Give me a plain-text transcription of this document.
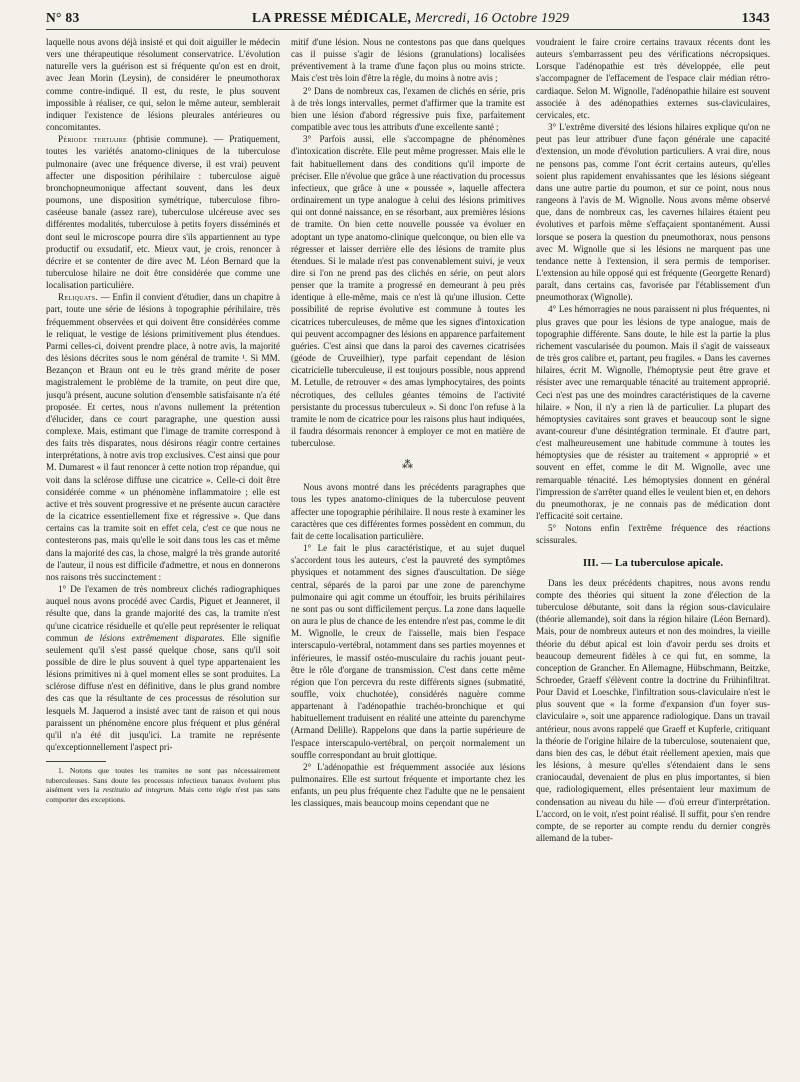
N° 83	LA PRESSE MÉDICALE, Mercredi, 16 Octobre 1929	1343

laquelle nous avons déjà insisté et qui doit aiguiller le médecin vers une thérapeutique résolument conservatrice. L'évolution naturelle vers la guérison est si fréquente qu'on est en droit, avec Jean Morin (Leysin), de considérer le pneumothorax comme contre-indiqué. Il est, du reste, le plus souvent impossible à réaliser, ce qui, selon le même auteur, semblerait indiquer l'existence de lésions pleurales antérieures ou concomitantes.

Période tertiaire (phtisie commune). — Pratiquement, toutes les variétés anatomo-cliniques de la tuberculose pulmonaire (avec une fréquence diverse, il est vrai) peuvent affecter une disposition périhilaire : tuberculose aiguë bronchopneumonique affectant souvent, dans les deux poumons, une disposition symétrique, tuberculose fibro-caséeuse banale (assez rare), tuberculose ulcéreuse avec ses différentes modalités, tuberculose à petits foyers disséminés et dont seul le microscope pourra dire s'ils appartiennent au type productif ou exsudatif, etc. Mieux vaut, je crois, renoncer à décrire et se contenter de dire avec M. Léon Bernard que la tuberculose hilaire ne doit être considérée que comme une localisation particulière.

Reliquats. — Enfin il convient d'étudier, dans un chapitre à part, toute une série de lésions à topographie périhilaire, très fréquemment observées et qui doivent être considérées comme le reliquat, le vestige de lésions primitivement plus étendues. Parmi celles-ci, doivent prendre place, à notre avis, la majorité des lésions décrites sous le nom général de tramite ¹. Si MM. Bezançon et Braun ont eu le très grand mérite de poser magistralement le problème de la tramite, on peut dire que, jusqu'à présent, aucune solution d'ensemble satisfaisante n'a été proposée. Et certes, nous n'avons nullement la prétention d'élucider, dans ce court paragraphe, une question aussi complexe. Mais, estimant que l'image de tramite correspond à des faits très disparates, nous désirons réagir contre certaines interprétations, à notre avis trop exclusives. C'est ainsi que pour M. Dumarest « il faut renoncer à cette notion trop répandue, qui voit dans la sclérose diffuse une cicatrice ». Celle-ci doit être considérée comme « un phénomène inflammatoire ; elle est active et très souvent progressive et ne présente aucun caractère de la cicatrice essentiellement fixe et régressive ». Que dans certains cas la tramite soit en effet cela, c'est ce que nous ne contesterons pas, mais qu'elle le soit dans tous les cas et même dans la majorité des cas, la chose, malgré la très grande autorité de l'auteur, il nous est difficile d'admettre, et nous en donnerons nos raisons très succinctement :

1° De l'examen de très nombreux clichés radiographiques auquel nous avons procédé avec Cardis, Piguet et Jeanneret, il résulte que, dans la grande majorité des cas, la tramite n'est qu'une cicatrice résiduelle et qu'elle peut représenter le reliquat commun de lésions extrêmement disparates. Elle signifie seulement qu'il s'est passé quelque chose, sans qu'il soit possible de dire le plus souvent à quel type appartenaient les lésions primitives ni à quel moment elles se sont produites. La sclérose diffuse n'est en définitive, dans le plus grand nombre des cas que la résultante de ces processus de résolution sur lesquels M. Jaquerod a insisté avec tant de raison et qui nous paraissent un phénomène encore plus fréquent et plus général qu'il n'a été dit jusqu'ici. La tramite ne représente qu'exceptionnellement l'aspect pri-

1. Notons que toutes les tramites ne sont pas nécessairement tuberculeuses. Sans doute les processus infectieux banaux évoluent plus aisément vers la restitutio ad integrum. Mais cette règle n'est pas sans comporter des exceptions.

mitif d'une lésion. Nous ne contestons pas que dans quelques cas il puisse s'agir de lésions (granulations) localisées préventivement à la trame d'une façon plus ou moins stricte. Mais c'est très loin d'être la règle, du moins à notre avis ;

2° Dans de nombreux cas, l'examen de clichés en série, pris à de très longs intervalles, permet d'affirmer que la tramite est bien une lésion d'abord régressive puis fixe, parfaitement compatible avec tous les attributs d'une excellente santé ;

3° Parfois aussi, elle s'accompagne de phénomènes d'intoxication discrète. Elle peut même progresser. Mais elle le fait habituellement dans des conditions qu'il importe de préciser. Elle n'évolue que grâce à une réactivation du processus infectieux, que grâce à une « poussée », laquelle affectera ordinairement un type analogue à celui des lésions primitives qui ont donné naissance, en se résorbant, aux premières lésions de tramite. On bien cette nouvelle poussée va évoluer en adoptant un type anatomo-clinique quelconque, ou bien elle va régresser et laisser derrière elle des lésions de tramite plus étendues. Si le malade n'est pas convenablement suivi, je veux dire si l'on ne prend pas des clichés en série, on peut alors penser que la tramite a progressé en demeurant à peu près identique à elle-même, mais ce n'est là qu'une illusion. Cette possibilité de reprise évolutive est commune à toutes les cicatrices tuberculeuses, de même que les signes d'intoxication qui peuvent accompagner des lésions en apparence parfaitement guéries. C'est ainsi que dans la paroi des cavernes cicatrisées (géode de Cruveilhier), type parfait cependant de lésion cicatricielle tuberculeuse, il est toujours possible, nous apprend M. Letulle, de retrouver « des amas lymphocytaires, des points nécrotiques, des cellules géantes témoins de l'activité persistante du processus tuberculeux ». Si donc l'on refuse à la tramite le nom de cicatrice pour les raisons plus haut indiquées, il faudra désormais renoncer à employer ce mot en matière de tuberculose.

⁂

Nous avons montré dans les précédents paragraphes que tous les types anatomo-cliniques de la tuberculose peuvent affecter une topographie périhilaire. Il nous reste à examiner les caractères que ces différentes formes possèdent en commun, du fait de cette localisation particulière.

1° Le fait le plus caractéristique, et au sujet duquel s'accordent tous les auteurs, c'est la pauvreté des symptômes physiques et notamment des signes d'auscultation. De siège central, séparés de la paroi par une zone de parenchyme pulmonaire qui agit comme un étouffoir, les bruits périhilaires ne sont pas ou sont difficilement perçus. La zone dans laquelle on aura le plus de chance de les entendre n'est pas, comme le dit M. Wignolle, le creux de l'aisselle, mais bien l'espace interscapulo-vertébral, notamment dans ses parties moyennes et inférieures, le massif ostéo-musculaire du rachis jouant peut-être le rôle d'organe de transmission. C'est dans cette même région que l'on percevra du reste différents signes (submatité, souffle, voix chuchotée), considérés naguère comme appartenant à l'adénopathie trachéo-bronchique et qui habituellement traduisent en réalité une atteinte du parenchyme (Armand Delille). Rappelons que dans la partie supérieure de l'espace interscapulo-vertébral, on perçoit normalement un souffle correspondant au bruit glottique.

2° L'adénopathie est fréquemment associée aux lésions pulmonaires. Elle est surtout fréquente et importante chez les enfants, un peu plus fréquente chez l'adulte que ne le pensaient les classiques, mais beaucoup moins cependant que ne

voudraient le faire croire certains travaux récents dont les auteurs s'embarrassent peu des vérifications nécropsiques. Lorsque l'adénopathie est très développée, elle peut s'accompagner de l'effacement de l'espace clair médian rétro-cardiaque. Selon M. Wignolle, l'adénopathie hilaire est souvent associée à des adénopathies externes sus-claviculaires, cervicales, etc.

3° L'extrême diversité des lésions hilaires explique qu'on ne peut pas leur attribuer d'une façon générale une capacité d'extension, un mode d'évolution particuliers. A vrai dire, nous ne pensons pas, comme l'ont écrit certains auteurs, qu'elles soient plus rapidement envahissantes que les lésions siégeant dans une autre partie du poumon, et sur ce point, nous nous rangeons à l'avis de M. Wignolle. Nous avons même observé que, dans de nombreux cas, les cavernes hilaires étaient peu évolutives et parfois même s'effaçaient spontanément. Aussi lorsque se posera la question du pneumothorax, nous pensons avec M. Wignolle que si les lésions ne marquent pas une tendance nette à l'extension, il sera permis de temporiser. L'extension au hile opposé qui est fréquente (Georgette Renard) paraît, dans certains cas, favorisée par l'établissement d'un pneumothorax (Wignolle).

4° Les hémorragies ne nous paraissent ni plus fréquentes, ni plus graves que pour les lésions de type analogue, mais de topographie différente. Sans doute, le hile est la partie la plus richement vascularisée du poumon. Mais il s'agit de vaisseaux de très gros calibre et, partant, peu fragiles. « Dans les cavernes hilaires, écrit M. Wignolle, l'hémoptysie peut être grave et résister avec une remarquable ténacité au traitement approprié. Ceci n'est pas une des moindres caractéristiques de la caverne hilaire. » Non, il n'y a rien là de particulier. La plupart des hémoptysies cavitaires sont graves et beaucoup sont le signe avant-coureur d'une désintégration terminale. Et d'autre part, c'est malheureusement une habitude commune à toutes les hémoptysies que de résister au traitement « approprié » et souvent en effet, comme le dit M. Wignolle, avec une remarquable ténacité. Les hémoptysies donnent en général l'impression de s'arrêter quand elles le veulent bien et, en dehors du pneumothorax, je ne connais pas de médication dont l'efficacité soit certaine.

5° Notons enfin l'extrême fréquence des réactions scissurales.

III. — La tuberculose apicale.

Dans les deux précédents chapitres, nous avons rendu compte des théories qui situent la zone d'élection de la tuberculose débutante, soit dans la région sous-claviculaire (théorie allemande), soit dans la région hilaire (Léon Bernard). Mais, pour de nombreux auteurs et non des moindres, la vieille théorie du début apical est loin d'avoir perdu ses droits et beaucoup demeurent fidèles à ce qui fut, en somme, la conception de Grancher. En Allemagne, Hübschmann, Beitzke, Schroeder, Graeff s'élèvent contre la doctrine du Frühinfiltrat. Pour David et Loeschke, l'infiltration sous-claviculaire n'est le plus souvent que « la forme d'expansion d'un foyer sus-claviculaire », soit une apparence radiologique. Dans un travail antérieur, nous avons rappelé que Graeff et Kupferle, critiquant la théorie de l'origine hilaire de la tuberculose, soutenaient que, dans bien des cas, le début était réellement apexien, mais que les lésions, à mesure qu'elles s'étendaient dans le sens craniocaudal, devenaient de plus en plus importantes, si bien que, radiologiquement, elles présentaient leur maximum de condensation au niveau du hile — d'où erreur d'interprétation. L'accord, on le voit, n'est point réalisé. Il suffit, pour s'en rendre compte, de se reporter au compte rendu du dernier congrès allemand de la tuber-
